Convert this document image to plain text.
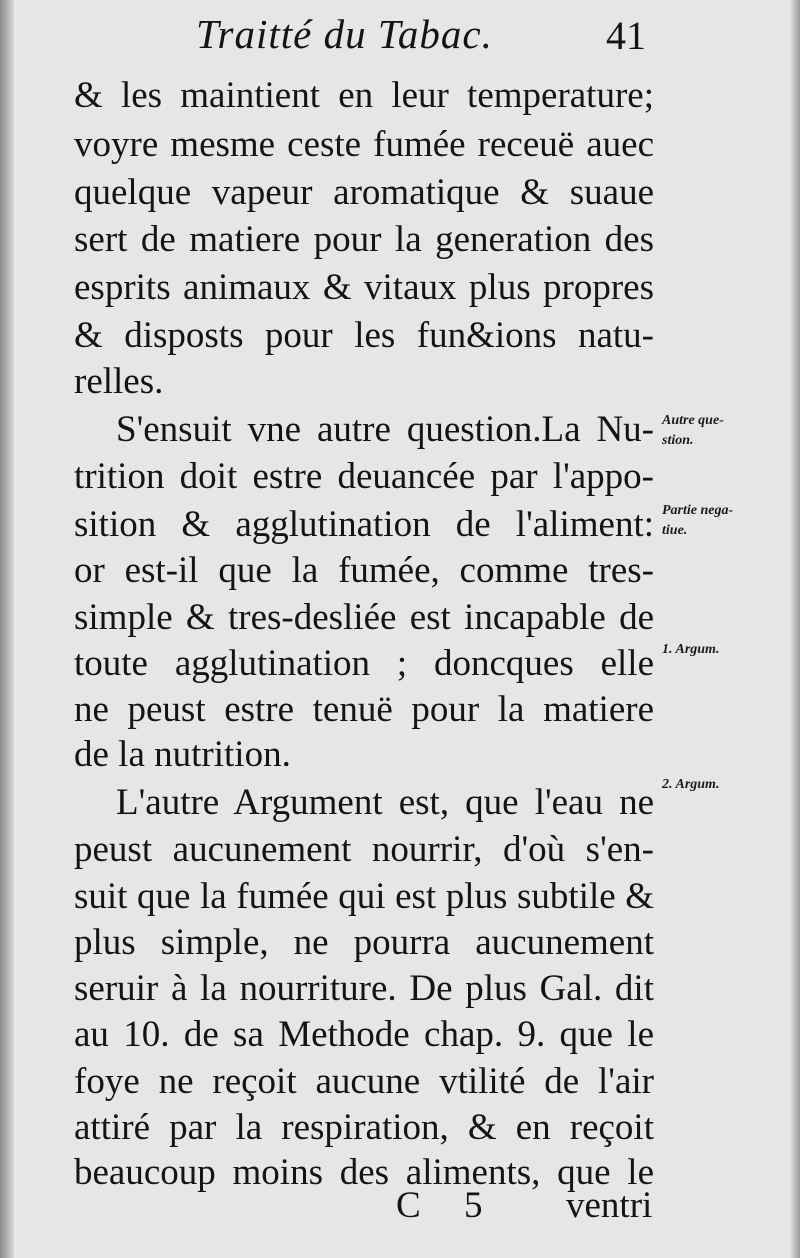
Traitté du Tabac.	41
& les maintient en leur temperature;
voyre mesme ceste fumée receuë auec
quelque vapeur aromatique & suaue
sert de matiere pour la generation des
esprits animaux & vitaux plus propres
& disposts pour les fun&ions natu-
relles.
S'ensuit vne autre question.La Nu-
trition doit estre deuancée par l'appo-
sition & agglutination de l'aliment:
or est-il que la fumée, comme tres-
simple & tres-desliée est incapable de
toute agglutination ; doncques elle
ne peust estre tenuë pour la matiere
de la nutrition.
L'autre Argument est, que l'eau ne
peust aucunement nourrir, d'où s'en-
suit que la fumée qui est plus subtile &
plus simple, ne pourra aucunement
seruir à la nourriture. De plus Gal. dit
au 10. de sa Methode chap. 9. que le
foye ne reçoit aucune vtilité de l'air
attiré par la respiration, & en reçoit
beaucoup moins des aliments, que le
Autre que-
stion.
Partie nega-
tiue.
1. Argum.
2. Argum.
C 5 ventri
